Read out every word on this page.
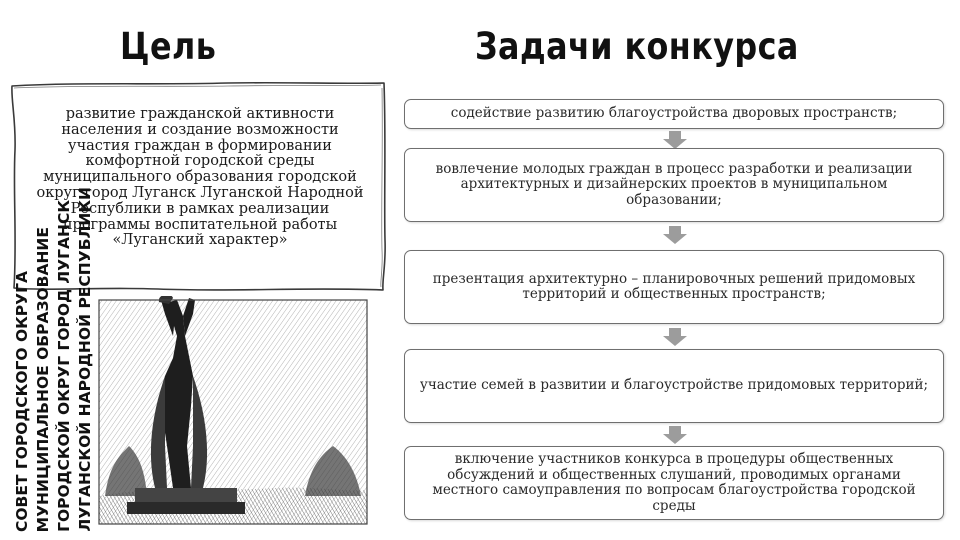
Цель	Задачи конкурса
развитие гражданской активности населения и создание возможности участия граждан в формировании комфортной городской среды муниципального образования городской округ город Луганск Луганской Народной Республики в рамках реализации программы воспитательной работы «Луганский характер»
содействие развитию благоустройства дворовых пространств;
вовлечение молодых граждан в процесс разработки и реализации архитектурных и дизайнерских проектов в муниципальном образовании;
презентация архитектурно – планировочных решений придомовых территорий и общественных пространств;
участие семей в развитии и благоустройстве придомовых территорий;
включение участников конкурса в процедуры общественных обсуждений и общественных слушаний, проводимых органами местного самоуправления по вопросам благоустройства городской среды
СОВЕТ ГОРОДСКОГО ОКРУГА МУНИЦИПАЛЬНОЕ ОБРАЗОВАНИЕ ГОРОДСКОЙ ОКРУГ ГОРОД ЛУГАНСК ЛУГАНСКОЙ НАРОДНОЙ РЕСПУБЛИКИ
